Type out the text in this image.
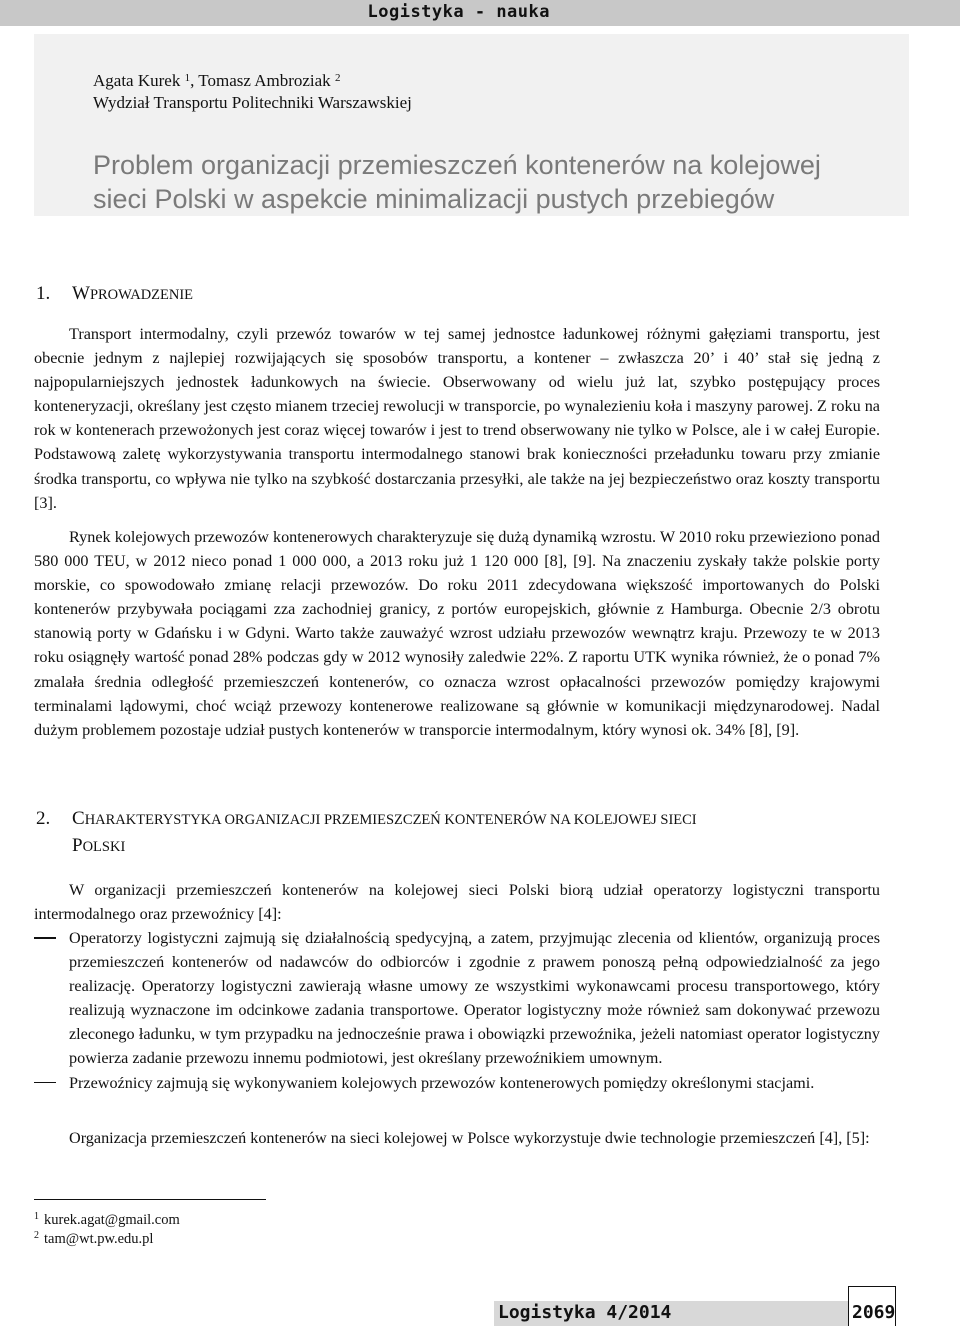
Logistyka - nauka
Agata Kurek $^1$, Tomasz Ambroziak $^2$
Wydział Transportu Politechniki Warszawskiej
Problem organizacji przemieszczeń kontenerów na kolejowej
sieci Polski w aspekcie minimalizacji pustych przebiegów
1. WPROWADZENIE

Transport intermodalny, czyli przewóz towarów w tej samej jednostce ładunkowej różnymi gałęziami transportu, jest obecnie jednym z najlepiej rozwijających się sposobów transportu, a kontener – zwłaszcza 20’ i 40’ stał się jedną z najpopularniejszych jednostek ładunkowych na świecie. Obserwowany od wielu już lat, szybko postępujący proces konteneryzacji, określany jest często mianem trzeciej rewolucji w transporcie, po wynalezieniu koła i maszyny parowej. Z roku na rok w kontenerach przewożonych jest coraz więcej towarów i jest to trend obserwowany nie tylko w Polsce, ale i w całej Europie. Podstawową zaletę wykorzystywania transportu intermodalnego stanowi brak konieczności przeładunku towaru przy zmianie środka transportu, co wpływa nie tylko na szybkość dostarczania przesyłki, ale także na jej bezpieczeństwo oraz koszty transportu [3].

Rynek kolejowych przewozów kontenerowych charakteryzuje się dużą dynamiką wzrostu. W 2010 roku przewieziono ponad 580 000 TEU, w 2012 nieco ponad 1 000 000, a 2013 roku już 1 120 000 [8], [9]. Na znaczeniu zyskały także polskie porty morskie, co spowodowało zmianę relacji przewozów. Do roku 2011 zdecydowana większość importowanych do Polski kontenerów przybywała pociągami zza zachodniej granicy, z portów europejskich, głównie z Hamburga. Obecnie 2/3 obrotu stanowią porty w Gdańsku i w Gdyni. Warto także zauważyć wzrost udziału przewozów wewnątrz kraju. Przewozy te w 2013 roku osiągnęły wartość ponad 28% podczas gdy w 2012 wynosiły zaledwie 22%. Z raportu UTK wynika również, że o ponad 7% zmalała średnia odległość przemieszczeń kontenerów, co oznacza wzrost opłacalności przewozów pomiędzy krajowymi terminalami lądowymi, choć wciąż przewozy kontenerowe realizowane są głównie w komunikacji międzynarodowej. Nadal dużym problemem pozostaje udział pustych kontenerów w transporcie intermodalnym, który wynosi ok. 34% [8], [9].

2. CHARAKTERYSTYKA ORGANIZACJI PRZEMIESZCZEŃ KONTENERÓW NA KOLEJOWEJ SIECI
POLSKI

W organizacji przemieszczeń kontenerów na kolejowej sieci Polski biorą udział operatorzy logistyczni transportu intermodalnego oraz przewoźnicy [4]:

Operatorzy logistyczni zajmują się działalnością spedycyjną, a zatem, przyjmując zlecenia od klientów, organizują proces przemieszczeń kontenerów od nadawców do odbiorców i zgodnie z prawem ponoszą pełną odpowiedzialność za jego realizację. Operatorzy logistyczni zawierają własne umowy ze wszystkimi wykonawcami procesu transportowego, który realizują wyznaczone im odcinkowe zadania transportowe. Operator logistyczny może również sam dokonywać przewozu zleconego ładunku, w tym przypadku na jednocześnie prawa i obowiązki przewoźnika, jeżeli natomiast operator logistyczny powierza zadanie przewozu innemu podmiotowi, jest określany przewoźnikiem umownym.
Przewoźnicy zajmują się wykonywaniem kolejowych przewozów kontenerowych pomiędzy określonymi stacjami.

Organizacja przemieszczeń kontenerów na sieci kolejowej w Polsce wykorzystuje dwie technologie przemieszczeń [4], [5]:

$^1$ kurek.agat@gmail.com
$^2$ tam@wt.pw.edu.pl
Logistyka 4/2014	2069
